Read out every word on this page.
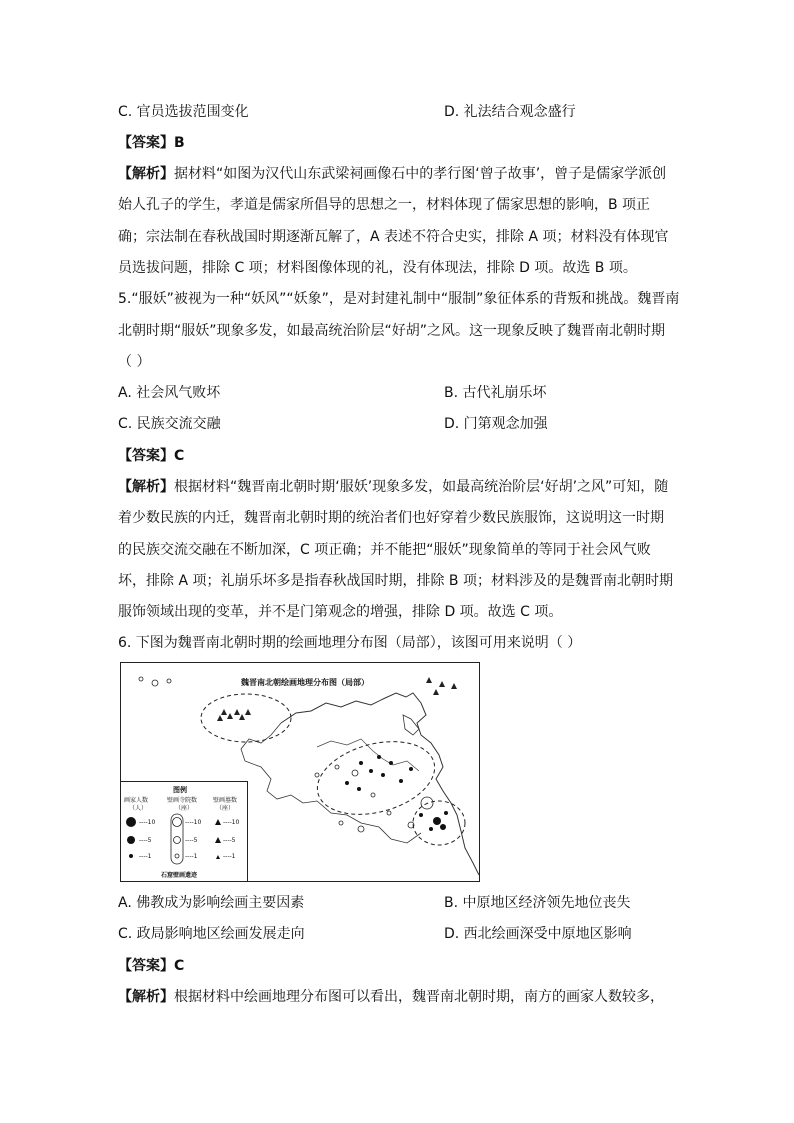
C. 官员选拔范围变化	D. 礼法结合观念盛行
【答案】B
【解析】据材料“如图为汉代山东武梁祠画像石中的孝行图‘曾子故事’，曾子是儒家学派创
始人孔子的学生，孝道是儒家所倡导的思想之一，材料体现了儒家思想的影响，B 项正
确；宗法制在春秋战国时期逐渐瓦解了，A 表述不符合史实，排除 A 项；材料没有体现官
员选拔问题，排除 C 项；材料图像体现的礼，没有体现法，排除 D 项。故选 B 项。
5.“服妖”被视为一种“妖风”“妖象”，是对封建礼制中“服制”象征体系的背叛和挑战。魏晋南
北朝时期“服妖”现象多发，如最高统治阶层“好胡”之风。这一现象反映了魏晋南北朝时期
（ ）
A. 社会风气败坏	B. 古代礼崩乐坏
C. 民族交流交融	D. 门第观念加强
【答案】C
【解析】根据材料“魏晋南北朝时期‘服妖’现象多发，如最高统治阶层‘好胡’之风”可知，随
着少数民族的内迁，魏晋南北朝时期的统治者们也好穿着少数民族服饰，这说明这一时期
的民族交流交融在不断加深，C 项正确；并不能把“服妖”现象简单的等同于社会风气败
坏，排除 A 项；礼崩乐坏多是指春秋战国时期，排除 B 项；材料涉及的是魏晋南北朝时期
服饰领域出现的变革，并不是门第观念的增强，排除 D 项。故选 C 项。
6. 下图为魏晋南北朝时期的绘画地理分布图（局部），该图可用来说明（ ）
魏晋南北朝绘画地理分布图（局部）
图例
画家人数
（人）
壁画寺院数
（座）
壁画墓数
（座）
----10
----5
----1
----10
----5
----1
----10
----5
----1
石窟壁画遗迹
A. 佛教成为影响绘画主要因素	B. 中原地区经济领先地位丧失
C. 政局影响地区绘画发展走向	D. 西北绘画深受中原地区影响
【答案】C
【解析】根据材料中绘画地理分布图可以看出，魏晋南北朝时期，南方的画家人数较多，
